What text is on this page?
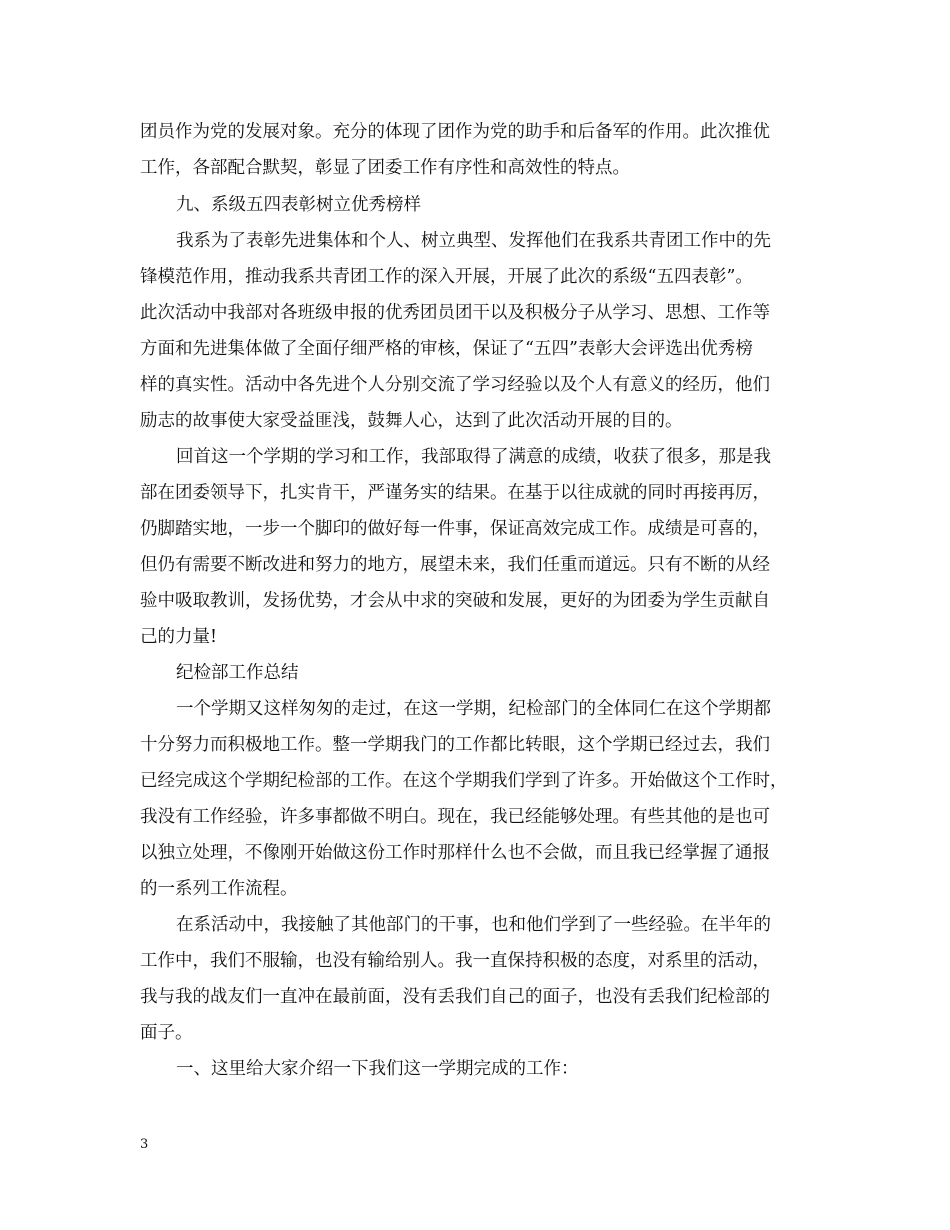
团员作为党的发展对象。充分的体现了团作为党的助手和后备军的作用。此次推优
工作，各部配合默契，彰显了团委工作有序性和高效性的特点。
九、系级五四表彰树立优秀榜样
我系为了表彰先进集体和个人、树立典型、发挥他们在我系共青团工作中的先
锋模范作用，推动我系共青团工作的深入开展，开展了此次的系级“五四表彰”。
此次活动中我部对各班级申报的优秀团员团干以及积极分子从学习、思想、工作等
方面和先进集体做了全面仔细严格的审核，保证了“五四”表彰大会评选出优秀榜
样的真实性。活动中各先进个人分别交流了学习经验以及个人有意义的经历，他们
励志的故事使大家受益匪浅，鼓舞人心，达到了此次活动开展的目的。
回首这一个学期的学习和工作，我部取得了满意的成绩，收获了很多，那是我
部在团委领导下，扎实肯干，严谨务实的结果。在基于以往成就的同时再接再厉，
仍脚踏实地，一步一个脚印的做好每一件事，保证高效完成工作。成绩是可喜的，
但仍有需要不断改进和努力的地方，展望未来，我们任重而道远。只有不断的从经
验中吸取教训，发扬优势，才会从中求的突破和发展，更好的为团委为学生贡献自
己的力量!
纪检部工作总结
一个学期又这样匆匆的走过，在这一学期，纪检部门的全体同仁在这个学期都
十分努力而积极地工作。整一学期我门的工作都比转眼，这个学期已经过去，我们
已经完成这个学期纪检部的工作。在这个学期我们学到了许多。开始做这个工作时，
我没有工作经验，许多事都做不明白。现在，我已经能够处理。有些其他的是也可
以独立处理，不像刚开始做这份工作时那样什么也不会做，而且我已经掌握了通报
的一系列工作流程。
在系活动中，我接触了其他部门的干事，也和他们学到了一些经验。在半年的
工作中，我们不服输，也没有输给别人。我一直保持积极的态度，对系里的活动，
我与我的战友们一直冲在最前面，没有丢我们自己的面子，也没有丢我们纪检部的
面子。
一、这里给大家介绍一下我们这一学期完成的工作：
3
